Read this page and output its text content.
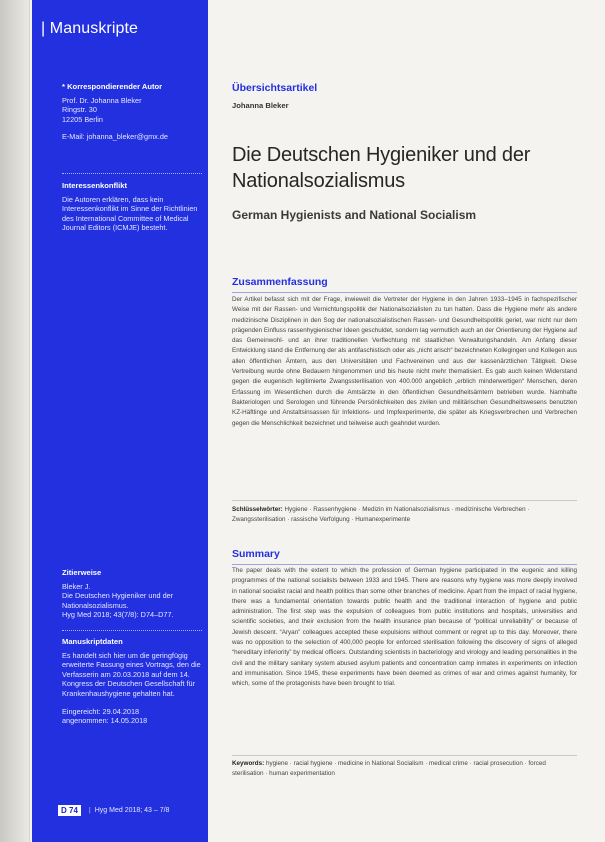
| Manuskripte
* Korrespondierender Autor
Prof. Dr. Johanna Bleker
Ringstr. 30
12205 Berlin
E-Mail: johanna_bleker@gmx.de
Interessenkonflikt
Die Autoren erklären, dass kein Interessenkonflikt im Sinne der Richtlinien des International Committee of Medical Journal Editors (ICMJE) besteht.
Zitierweise
Bleker J.
Die Deutschen Hygieniker und der Nationalsozialismus.
Hyg Med 2018; 43(7/8): D74–D77.
Manuskriptdaten
Es handelt sich hier um die geringfügig erweiterte Fassung eines Vortrags, den die Verfasserin am 20.03.2018 auf dem 14. Kongress der Deutschen Gesellschaft für Krankenhaushygiene gehalten hat.
Eingereicht: 29.04.2018
angenommen: 14.05.2018
D 74	| Hyg Med 2018; 43 – 7/8
Übersichtsartikel
Johanna Bleker
Die Deutschen Hygieniker und der Nationalsozialismus
German Hygienists and National Socialism
Zusammenfassung

Der Artikel befasst sich mit der Frage, inwieweit die Vertreter der Hygiene in den Jahren 1933–1945 in fachspezifischer Weise mit der Rassen- und Vernichtungspolitik der Nationalsozialisten zu tun hatten. Dass die Hygiene mehr als andere medizinische Disziplinen in den Sog der nationalsozialistischen Rassen- und Gesundheitspolitik geriet, war nicht nur dem prägenden Einfluss rassenhygienischer Ideen geschuldet, sondern lag vermutlich auch an der Orientierung der Hygiene auf das Gemeinwohl- und an ihrer traditionellen Verflechtung mit staatlichen Verwaltungshandeln. Am Anfang dieser Entwicklung stand die Entfernung der als antifaschistisch oder als „nicht arisch“ bezeichneten Kollegingen und Kollegen aus allen öffentlichen Ämtern, aus den Universitäten und Fachvereinen und aus der kassenärztlichen Tätigkeit. Diese Vertreibung wurde ohne Bedauern hingenommen und bis heute nicht mehr thematisiert. Es gab auch keinen Widerstand gegen die eugenisch legitimierte Zwangssterilisation von 400.000 angeblich „erblich minderwertigen“ Menschen, deren Erfassung im Wesentlichen durch die Amtsärzte in den öffentlichen Gesundheitsämtern betrieben wurde. Namhafte Bakteriologen und Serologen und führende Persönlichkeiten des zivilen und militärischen Gesundheitswesens benutzten KZ-Häftlinge und Anstaltsinsassen für Infektions- und Impfexperimente, die später als Kriegsverbrechen und Verbrechen gegen die Menschlichkeit bezeichnet und teilweise auch geahndet wurden.

Schlüsselwörter: Hygiene · Rassenhygiene · Medizin im Nationalsozialismus · medizinische Verbrechen · Zwangssterilisation · rassische Verfolgung · Humanexperimente
Summary

The paper deals with the extent to which the profession of German hygiene participated in the eugenic and killing programmes of the national socialists between 1933 and 1945. There are reasons why hygiene was more deeply involved in national socialist racial and health politics than some other branches of medicine. Apart from the impact of racial hygiene, there was a fundamental orientation towards public health and the traditional interaction of hygiene and public administration. The first step was the expulsion of colleagues from public institutions and hospitals, universities and scientific societies, and their exclusion from the health insurance plan because of “political unreliability” or because of Jewish descent. “Aryan” colleagues accepted these expulsions without comment or regret up to this day. Moreover, there was no opposition to the selection of 400,000 people for enforced sterilisation following the discovery of signs of alleged “hereditary inferiority” by medical officers. Outstanding scientists in bacteriology and virology and leading personalities in the civil and the military sanitary system abused asylum patients and concentration camp inmates in experiments on infection and immunisation. Since 1945, these experiments have been deemed as crimes of war and crimes against humanity, for which, some of the protagonists have been brought to trial.

Keywords: hygiene · racial hygiene · medicine in National Socialism · medical crime · racial prosecution · forced sterilisation · human experimentation
